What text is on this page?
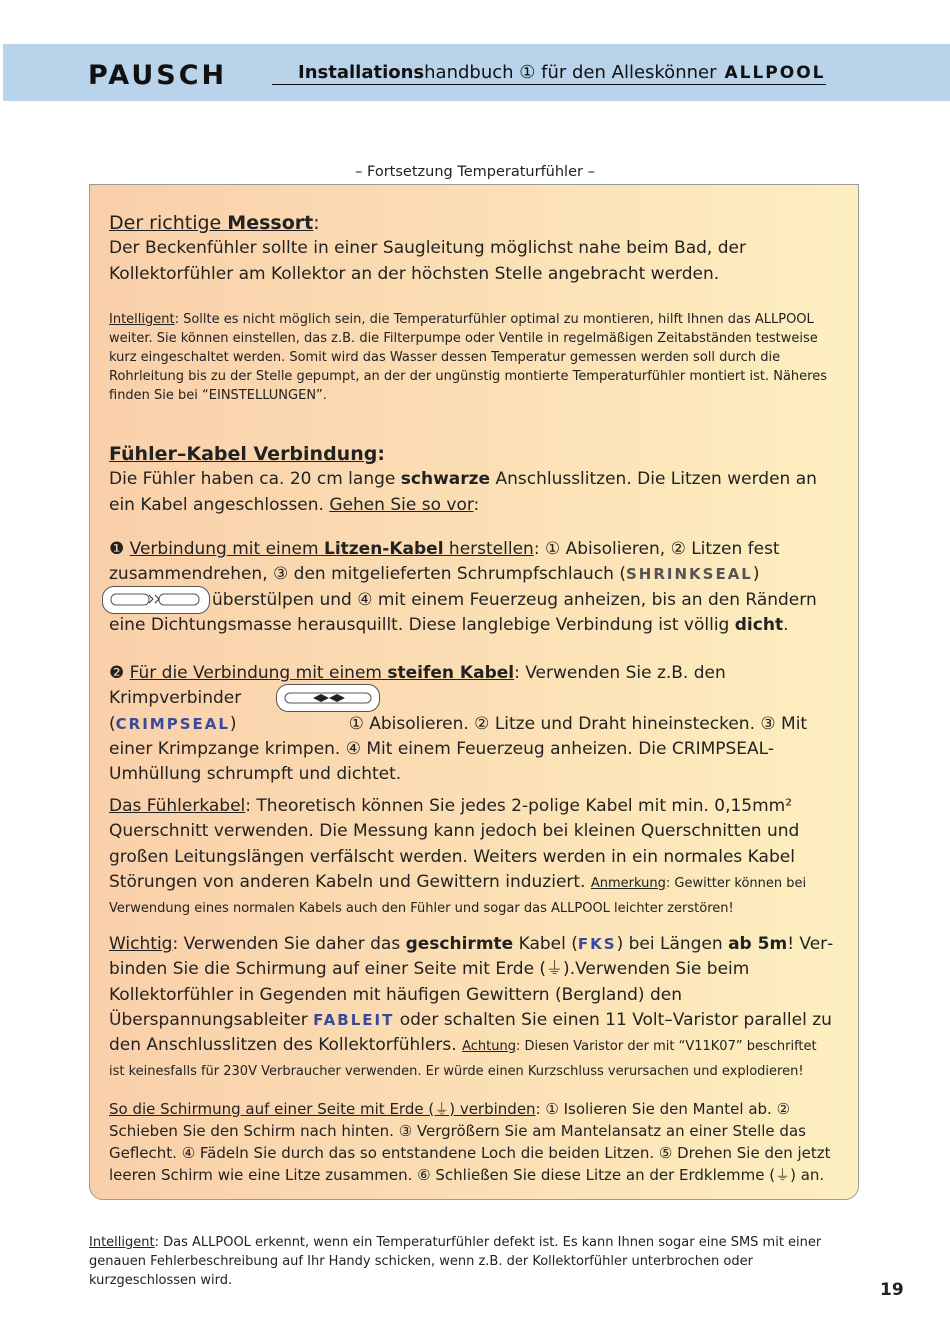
PAUSCH	Installationshandbuch ① für den Alleskönner ALLPOOL
– Fortsetzung Temperaturfühler –
Der richtige Messort:
Der Beckenfühler sollte in einer Saugleitung möglichst nahe beim Bad, der Kollektorfühler am Kollektor an der höchsten Stelle angebracht werden.
Intelligent: Sollte es nicht möglich sein, die Temperaturfühler optimal zu montieren, hilft Ihnen das ALLPOOL weiter. Sie können einstellen, das z.B. die Filterpumpe oder Ventile in regelmäßigen Zeitabständen testweise kurz eingeschaltet werden. Somit wird das Wasser dessen Temperatur gemessen werden soll durch die Rohrleitung bis zu der Stelle gepumpt, an der der ungünstig montierte Temperaturfühler montiert ist. Näheres finden Sie bei “EINSTELLUNGEN”.
Fühler–Kabel Verbindung:
Die Fühler haben ca. 20 cm lange schwarze Anschlusslitzen. Die Litzen werden an ein Kabel angeschlossen. Gehen Sie so vor:
❶ Verbindung mit einem Litzen-Kabel herstellen: ① Abisolieren, ② Litzen fest zusammendrehen, ③ den mitgelieferten Schrumpfschlauch (SHRINKSEAL)
überstülpen und ④ mit einem Feuerzeug anheizen, bis an den Rändern eine Dichtungsmasse herausquillt. Diese langlebige Verbindung ist völlig dicht.
❷ Für die Verbindung mit einem steifen Kabel: Verwenden Sie z.B. den Krimpverbinder
(CRIMPSEAL)	① Abisolieren. ② Litze und Draht hineinstecken. ③ Mit einer Krimpzange krimpen. ④ Mit einem Feuerzeug anheizen. Die CRIMPSEAL-Umhüllung schrumpft und dichtet.
Das Fühlerkabel: Theoretisch können Sie jedes 2-polige Kabel mit min. 0,15mm² Querschnitt verwenden. Die Messung kann jedoch bei kleinen Querschnitten und großen Leitungslängen verfälscht werden. Weiters werden in ein normales Kabel Störungen von anderen Kabeln und Gewittern induziert. Anmerkung: Gewitter können bei Verwendung eines normalen Kabels auch den Fühler und sogar das ALLPOOL leichter zerstören!
Wichtig: Verwenden Sie daher das geschirmte Kabel (FKS) bei Längen ab 5m! Verbinden Sie die Schirmung auf einer Seite mit Erde (⏚).Verwenden Sie beim Kollektorfühler in Gegenden mit häufigen Gewittern (Bergland) den Überspannungsableiter FABLEIT oder schalten Sie einen 11 Volt–Varistor parallel zu den Anschlusslitzen des Kollektorfühlers. Achtung: Diesen Varistor der mit “V11K07” beschriftet ist keinesfalls für 230V Verbraucher verwenden. Er würde einen Kurzschluss verursachen und explodieren!
So die Schirmung auf einer Seite mit Erde (⏚) verbinden: ① Isolieren Sie den Mantel ab. ② Schieben Sie den Schirm nach hinten. ③ Vergrößern Sie am Mantelansatz an einer Stelle das Geflecht. ④ Fädeln Sie durch das so entstandene Loch die beiden Litzen. ⑤ Drehen Sie den jetzt leeren Schirm wie eine Litze zusammen. ⑥ Schließen Sie diese Litze an der Erdklemme (⏚) an.
Intelligent: Das ALLPOOL erkennt, wenn ein Temperaturfühler defekt ist. Es kann Ihnen sogar eine SMS mit einer genauen Fehlerbeschreibung auf Ihr Handy schicken, wenn z.B. der Kollektorfühler unterbrochen oder kurzgeschlossen wird.	19
